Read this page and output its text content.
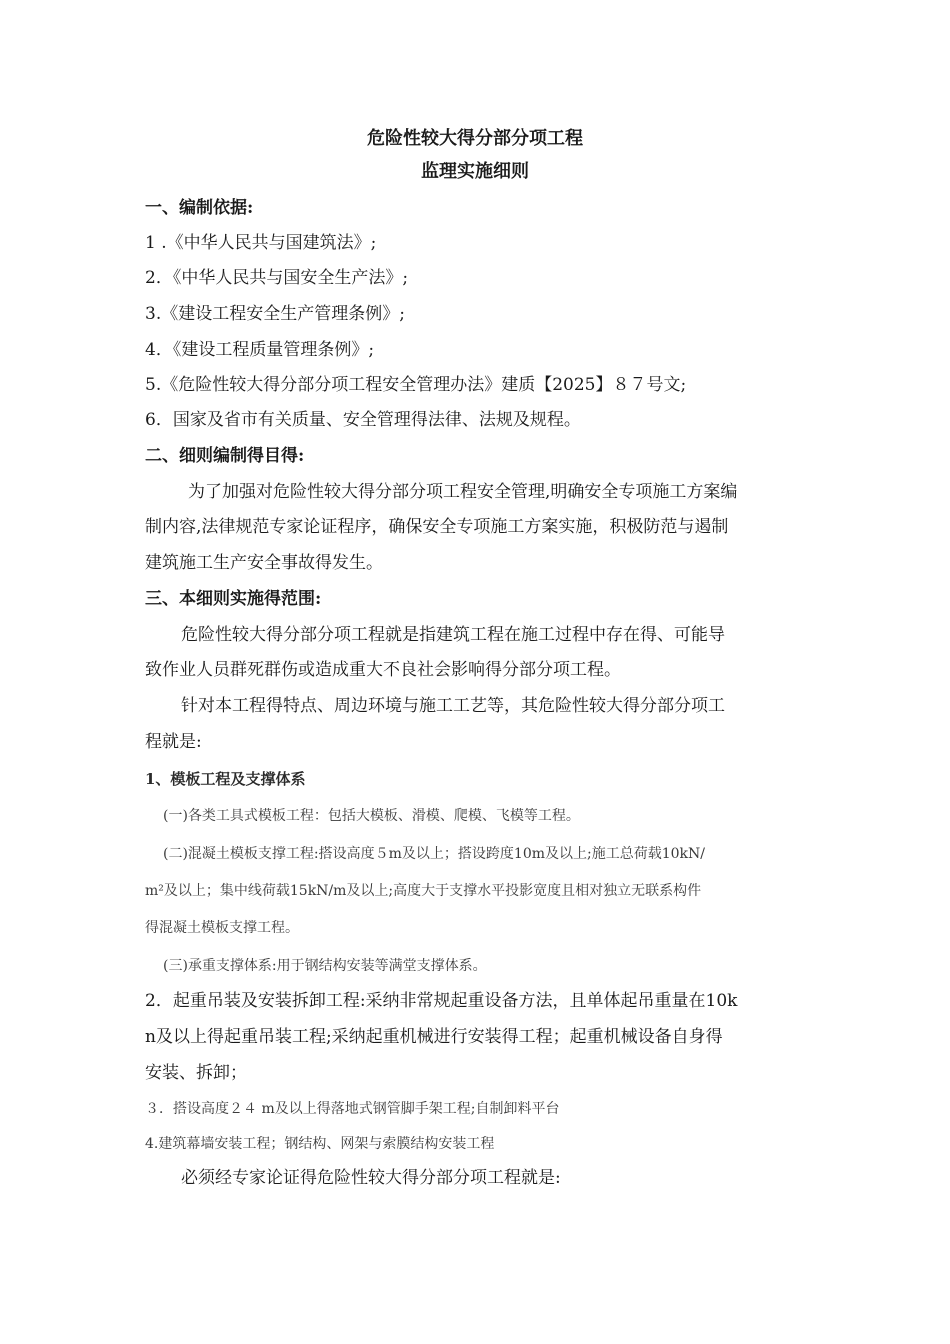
危险性较大得分部分项工程
监理实施细则
一、编制依据:
1 .《中华人民共与国建筑法》;
2．《中华人民共与国安全生产法》;
3.《建设工程安全生产管理条例》;
4．《建设工程质量管理条例》;
5.《危险性较大得分部分项工程安全管理办法》建质【2025】８７号文;
6．国家及省市有关质量、安全管理得法律、法规及规程。
二、细则编制得目得:
为了加强对危险性较大得分部分项工程安全管理,明确安全专项施工方案编
制内容,法律规范专家论证程序，确保安全专项施工方案实施，积极防范与遏制
建筑施工生产安全事故得发生。
三、本细则实施得范围:
危险性较大得分部分项工程就是指建筑工程在施工过程中存在得、可能导
致作业人员群死群伤或造成重大不良社会影响得分部分项工程。
针对本工程得特点、周边环境与施工工艺等，其危险性较大得分部分项工
程就是:
1、模板工程及支撑体系
(一)各类工具式模板工程：包括大模板、滑模、爬模、飞模等工程。
(二)混凝土模板支撑工程:搭设高度５m及以上；搭设跨度10m及以上;施工总荷载10kN/
m²及以上；集中线荷载15kN/m及以上;高度大于支撑水平投影宽度且相对独立无联系构件
得混凝土模板支撑工程。
(三)承重支撑体系:用于钢结构安装等满堂支撑体系。
2．起重吊装及安装拆卸工程:采纳非常规起重设备方法，且单体起吊重量在10k
n及以上得起重吊装工程;采纳起重机械进行安装得工程；起重机械设备自身得
安装、拆卸；
３．搭设高度２４ m及以上得落地式钢管脚手架工程;自制卸料平台
4.建筑幕墙安装工程；钢结构、网架与索膜结构安装工程
必须经专家论证得危险性较大得分部分项工程就是:
